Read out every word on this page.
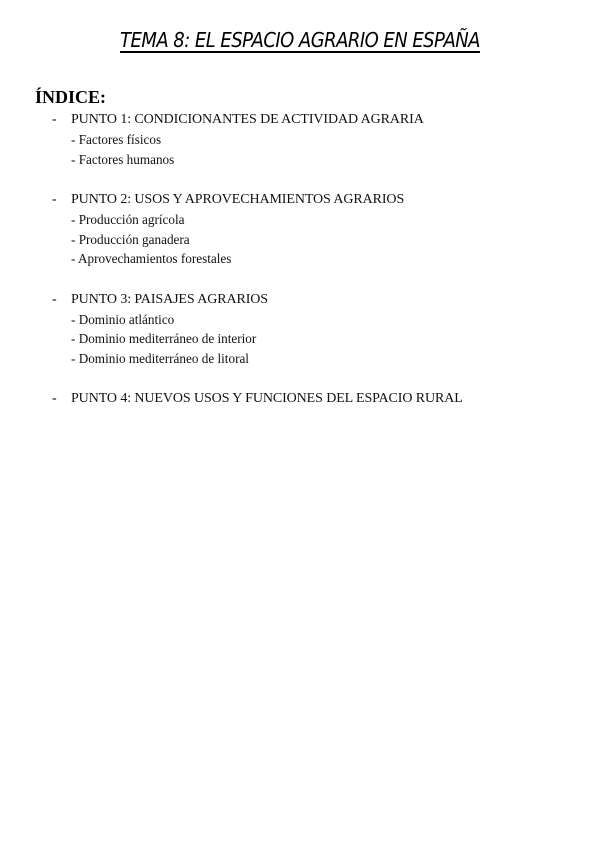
TEMA 8: EL ESPACIO AGRARIO EN ESPAÑA
ÍNDICE:
- PUNTO 1: CONDICIONANTES DE ACTIVIDAD AGRARIA
- Factores físicos
- Factores humanos
- PUNTO 2: USOS Y APROVECHAMIENTOS AGRARIOS
- Producción agrícola
- Producción ganadera
- Aprovechamientos forestales
- PUNTO 3: PAISAJES AGRARIOS
- Dominio atlántico
- Dominio mediterráneo de interior
- Dominio mediterráneo de litoral
- PUNTO 4: NUEVOS USOS Y FUNCIONES DEL ESPACIO RURAL
